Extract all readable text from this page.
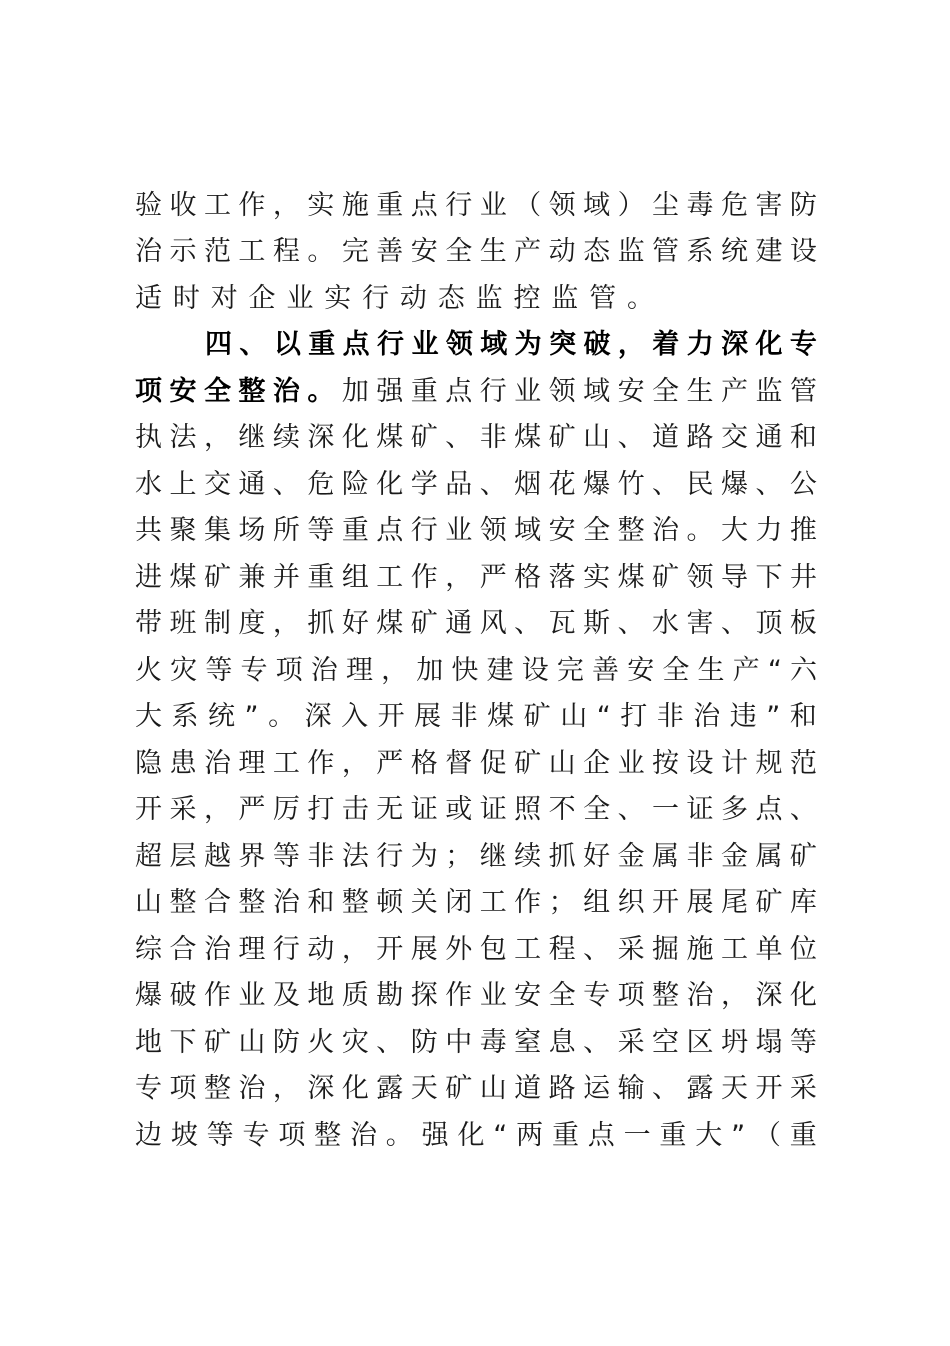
验 收 工 作 ， 实 施 重 点 行 业 （ 领 域 ） 尘 毒 危 害 防
治 示 范 工 程 。 完 善 安 全 生 产 动 态 监 管 系 统 建 设
适 时 对 企 业 实 行 动 态 监 控 监 管 。
四 、 以 重 点 行 业 领 域 为 突 破 ， 着 力 深 化 专
项 安 全 整 治 。 加 强 重 点 行 业 领 域 安 全 生 产 监 管
执 法 ， 继 续 深 化 煤 矿 、 非 煤 矿 山 、 道 路 交 通 和
水 上 交 通 、 危 险 化 学 品 、 烟 花 爆 竹 、 民 爆 、 公
共 聚 集 场 所 等 重 点 行 业 领 域 安 全 整 治 。 大 力 推
进 煤 矿 兼 并 重 组 工 作 ， 严 格 落 实 煤 矿 领 导 下 井
带 班 制 度 ， 抓 好 煤 矿 通 风 、 瓦 斯 、 水 害 、 顶 板
火 灾 等 专 项 治 理 ， 加 快 建 设 完 善 安 全 生 产 “ 六
大 系 统 ” 。 深 入 开 展 非 煤 矿 山 “ 打 非 治 违 ” 和
隐 患 治 理 工 作 ， 严 格 督 促 矿 山 企 业 按 设 计 规 范
开 采 ， 严 厉 打 击 无 证 或 证 照 不 全 、 一 证 多 点 、
超 层 越 界 等 非 法 行 为 ； 继 续 抓 好 金 属 非 金 属 矿
山 整 合 整 治 和 整 顿 关 闭 工 作 ； 组 织 开 展 尾 矿 库
综 合 治 理 行 动 ， 开 展 外 包 工 程 、 采 掘 施 工 单 位
爆 破 作 业 及 地 质 勘 探 作 业 安 全 专 项 整 治 ， 深 化
地 下 矿 山 防 火 灾 、 防 中 毒 窒 息 、 采 空 区 坍 塌 等
专 项 整 治 ， 深 化 露 天 矿 山 道 路 运 输 、 露 天 开 采
边 坡 等 专 项 整 治 。 强 化 “ 两 重 点 一 重 大 ” （ 重
